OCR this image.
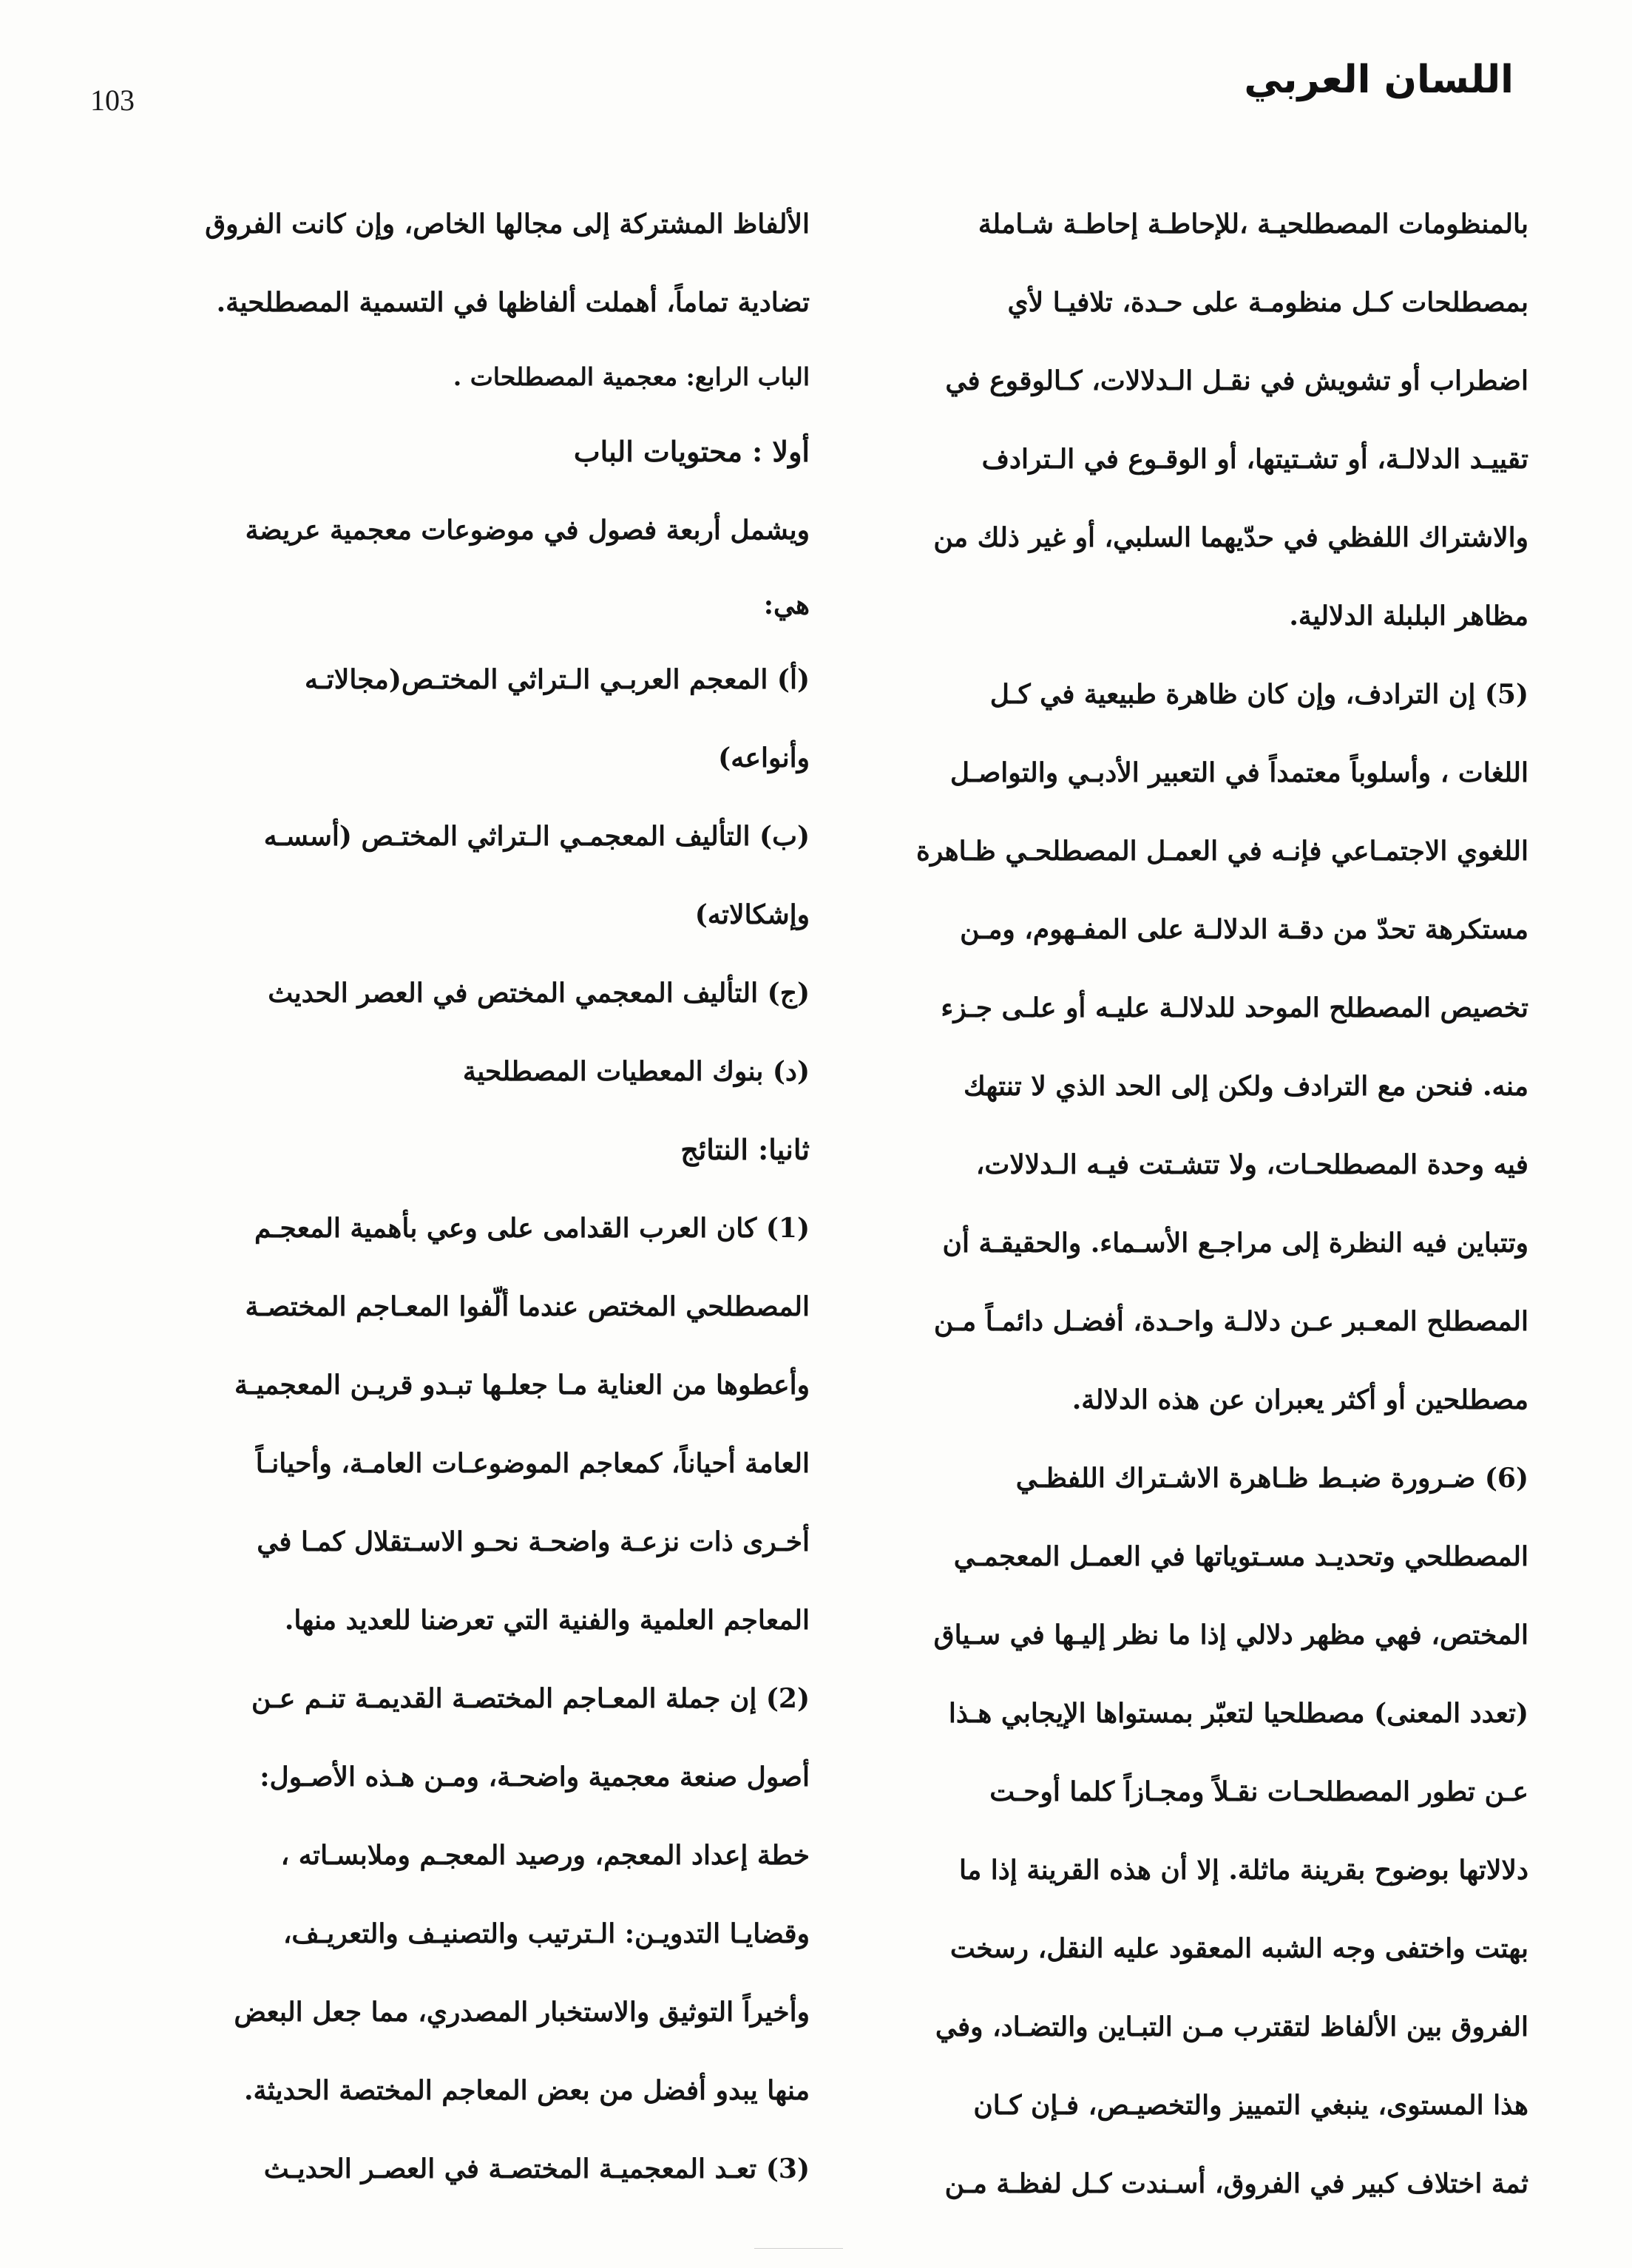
103	اللسان العربي
بالمنظومات المصطلحيـة ،للإحاطـة إحاطـة شـاملة
بمصطلحات كـل منظومـة على حـدة، تلافيـا لأي
اضطراب أو تشويش في نقـل الـدلالات، كـالوقوع في
تقييـد الدلالـة، أو تشـتيتها، أو الوقـوع في الـترادف
والاشتراك اللفظي في حدّيهما السلبي، أو غير ذلك من
مظاهر البلبلة الدلالية.
(5) إن الترادف، وإن كان ظاهرة طبيعية في كـل
اللغات ، وأسلوباً معتمداً في التعبير الأدبـي والتواصـل
اللغوي الاجتمـاعي فإنـه في العمـل المصطلحـي ظـاهرة
مستكرهة تحدّ من دقـة الدلالـة على المفـهوم، ومـن
تخصيص المصطلح الموحد للدلالـة عليـه أو علـى جـزء
منه. فنحن مع الترادف ولكن إلى الحد الذي لا تنتهك
فيه وحدة المصطلحـات، ولا تتشـتت فيـه الـدلالات،
وتتباين فيه النظرة إلى مراجـع الأسـماء. والحقيقـة أن
المصطلح المعـبر عـن دلالـة واحـدة، أفضـل دائمـاً مـن
مصطلحين أو أكثر يعبران عن هذه الدلالة.
(6) ضـرورة ضبـط ظـاهرة الاشـتراك اللفظـي
المصطلحي وتحديـد مسـتوياتها في العمـل المعجمـي
المختص، فهي مظهر دلالي إذا ما نظر إليـها في سـياق
(تعدد المعنى) مصطلحيا لتعبّر بمستواها الإيجابي هـذا
عـن تطور المصطلحـات نقـلاً ومجـازاً كلما أوحـت
دلالاتها بوضوح بقرينة ماثلة. إلا أن هذه القرينة إذا ما
بهتت واختفى وجه الشبه المعقود عليه النقل، رسخت
الفروق بين الألفاظ لتقترب مـن التبـاين والتضـاد، وفي
هذا المستوى، ينبغي التمييز والتخصيـص، فـإن كـان
ثمة اختلاف كبير في الفروق، أسـندت كـل لفظـة مـن
الألفاظ المشتركة إلى مجالها الخاص، وإن كانت الفروق
تضادية تماماً، أهملت ألفاظها في التسمية المصطلحية.
الباب الرابع: معجمية المصطلحات .
أولا : محتويات الباب
ويشمل أربعة فصول في موضوعات معجمية عريضة
هي:
(أ) المعجم العربـي الـتراثي المختـص(مجالاتـه
وأنواعه)
(ب) التأليف المعجمـي الـتراثي المختـص (أسسـه
وإشكالاته)
(ج) التأليف المعجمي المختص في العصر الحديث
(د) بنوك المعطيات المصطلحية
ثانيا: النتائج
(1) كان العرب القدامى على وعي بأهمية المعجـم
المصطلحي المختص عندما ألّفوا المعـاجم المختصـة
وأعطوها من العناية مـا جعلـها تبـدو قريـن المعجميـة
العامة أحياناً، كمعاجم الموضوعـات العامـة، وأحيانـاً
أخـرى ذات نزعـة واضحـة نحـو الاسـتقلال كمـا في
المعاجم العلمية والفنية التي تعرضنا للعديد منها.
(2) إن جملة المعـاجم المختصـة القديمـة تنـم عـن
أصول صنعة معجمية واضحـة، ومـن هـذه الأصـول:
خطة إعداد المعجم، ورصيد المعجـم وملابسـاته ،
وقضايـا التدويـن: الـترتيب والتصنيـف والتعريـف،
وأخيراً التوثيق والاستخبار المصدري، مما جعل البعض
منها يبدو أفضل من بعض المعاجم المختصة الحديثة.
(3) تعـد المعجميـة المختصـة في العصـر الحديـث
